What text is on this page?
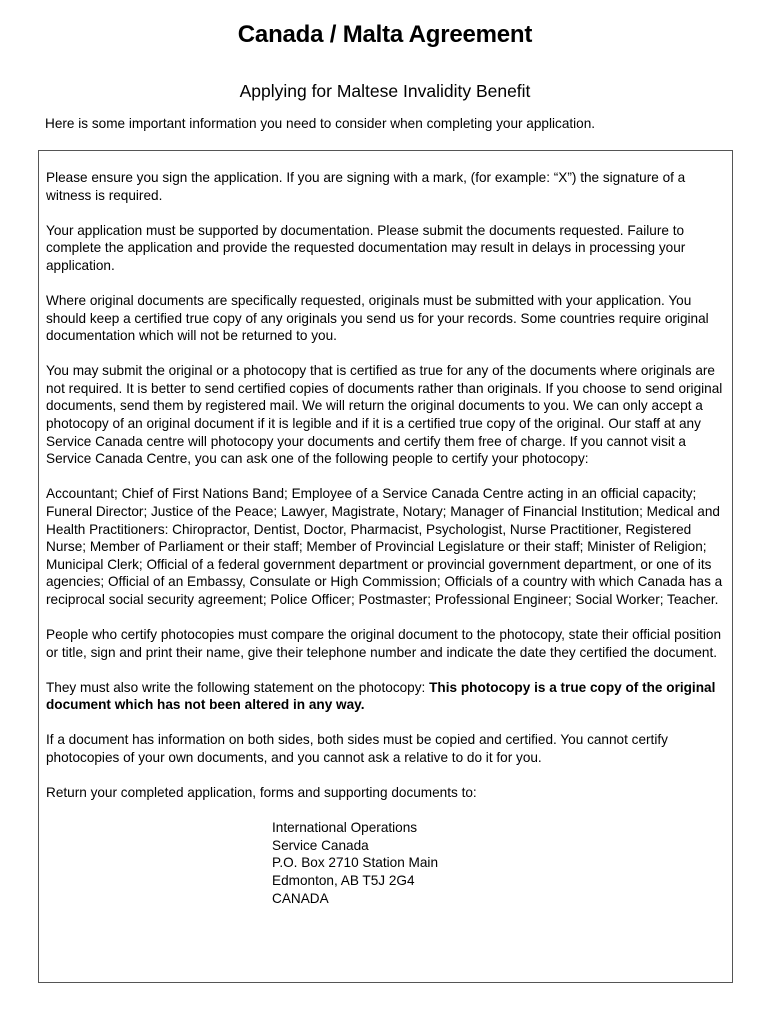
Canada / Malta Agreement
Applying for Maltese Invalidity Benefit
Here is some important information you need to consider when completing your application.

Please ensure you sign the application. If you are signing with a mark, (for example: “X”) the signature of a witness is required.

Your application must be supported by documentation. Please submit the documents requested. Failure to complete the application and provide the requested documentation may result in delays in processing your application.

Where original documents are specifically requested, originals must be submitted with your application. You should keep a certified true copy of any originals you send us for your records. Some countries require original documentation which will not be returned to you.

You may submit the original or a photocopy that is certified as true for any of the documents where originals are not required. It is better to send certified copies of documents rather than originals. If you choose to send original documents, send them by registered mail. We will return the original documents to you. We can only accept a photocopy of an original document if it is legible and if it is a certified true copy of the original. Our staff at any Service Canada centre will photocopy your documents and certify them free of charge. If you cannot visit a Service Canada Centre, you can ask one of the following people to certify your photocopy:

Accountant; Chief of First Nations Band; Employee of a Service Canada Centre acting in an official capacity; Funeral Director; Justice of the Peace; Lawyer, Magistrate, Notary; Manager of Financial Institution; Medical and Health Practitioners: Chiropractor, Dentist, Doctor, Pharmacist, Psychologist, Nurse Practitioner, Registered Nurse; Member of Parliament or their staff; Member of Provincial Legislature or their staff; Minister of Religion; Municipal Clerk; Official of a federal government department or provincial government department, or one of its agencies; Official of an Embassy, Consulate or High Commission; Officials of a country with which Canada has a reciprocal social security agreement; Police Officer; Postmaster; Professional Engineer; Social Worker; Teacher.

People who certify photocopies must compare the original document to the photocopy, state their official position or title, sign and print their name, give their telephone number and indicate the date they certified the document.

They must also write the following statement on the photocopy: This photocopy is a true copy of the original document which has not been altered in any way.

If a document has information on both sides, both sides must be copied and certified. You cannot certify photocopies of your own documents, and you cannot ask a relative to do it for you.

Return your completed application, forms and supporting documents to:

International Operations
Service Canada
P.O. Box 2710 Station Main
Edmonton, AB T5J 2G4
CANADA
